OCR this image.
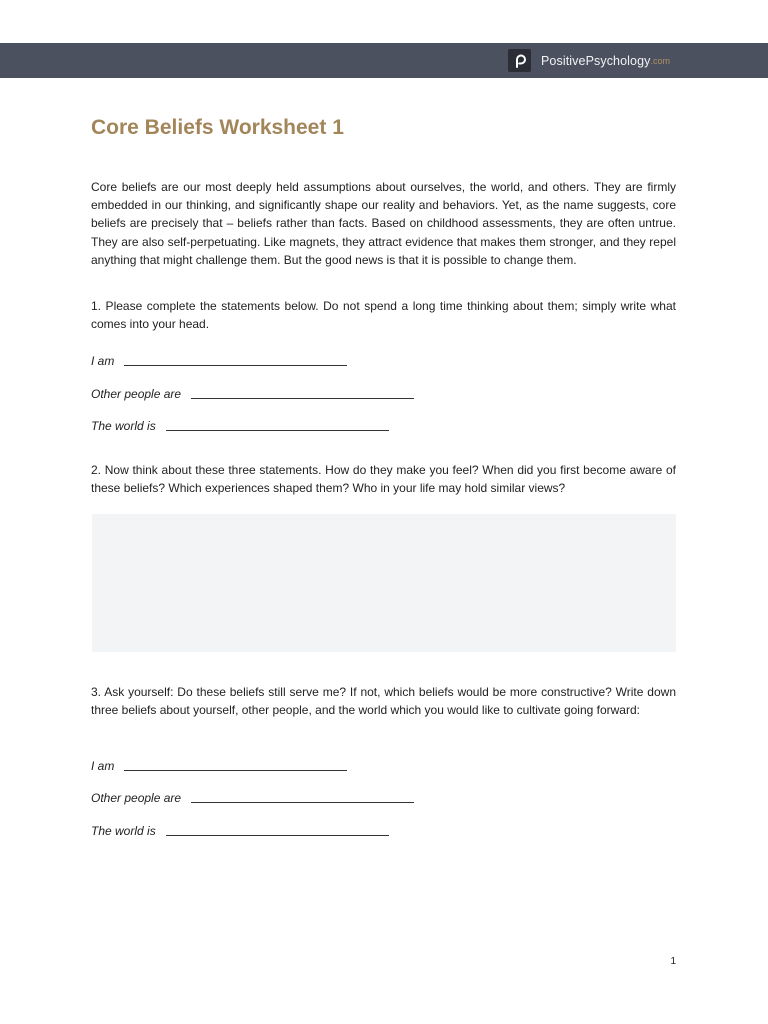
PositivePsychology .com
Core Beliefs Worksheet 1

Core beliefs are our most deeply held assumptions about ourselves, the world, and others. They are firmly embedded in our thinking, and significantly shape our reality and behaviors. Yet, as the name suggests, core beliefs are precisely that – beliefs rather than facts. Based on childhood assessments, they are often untrue. They are also self-perpetuating. Like magnets, they attract evidence that makes them stronger, and they repel anything that might challenge them. But the good news is that it is possible to change them.

1. Please complete the statements below. Do not spend a long time thinking about them; simply write what comes into your head.

I am
Other people are
The world is

2. Now think about these three statements. How do they make you feel? When did you first become aware of these beliefs? Which experiences shaped them? Who in your life may hold similar views?

3. Ask yourself: Do these beliefs still serve me? If not, which beliefs would be more constructive? Write down three beliefs about yourself, other people, and the world which you would like to cultivate going forward:

I am
Other people are
The world is
1
